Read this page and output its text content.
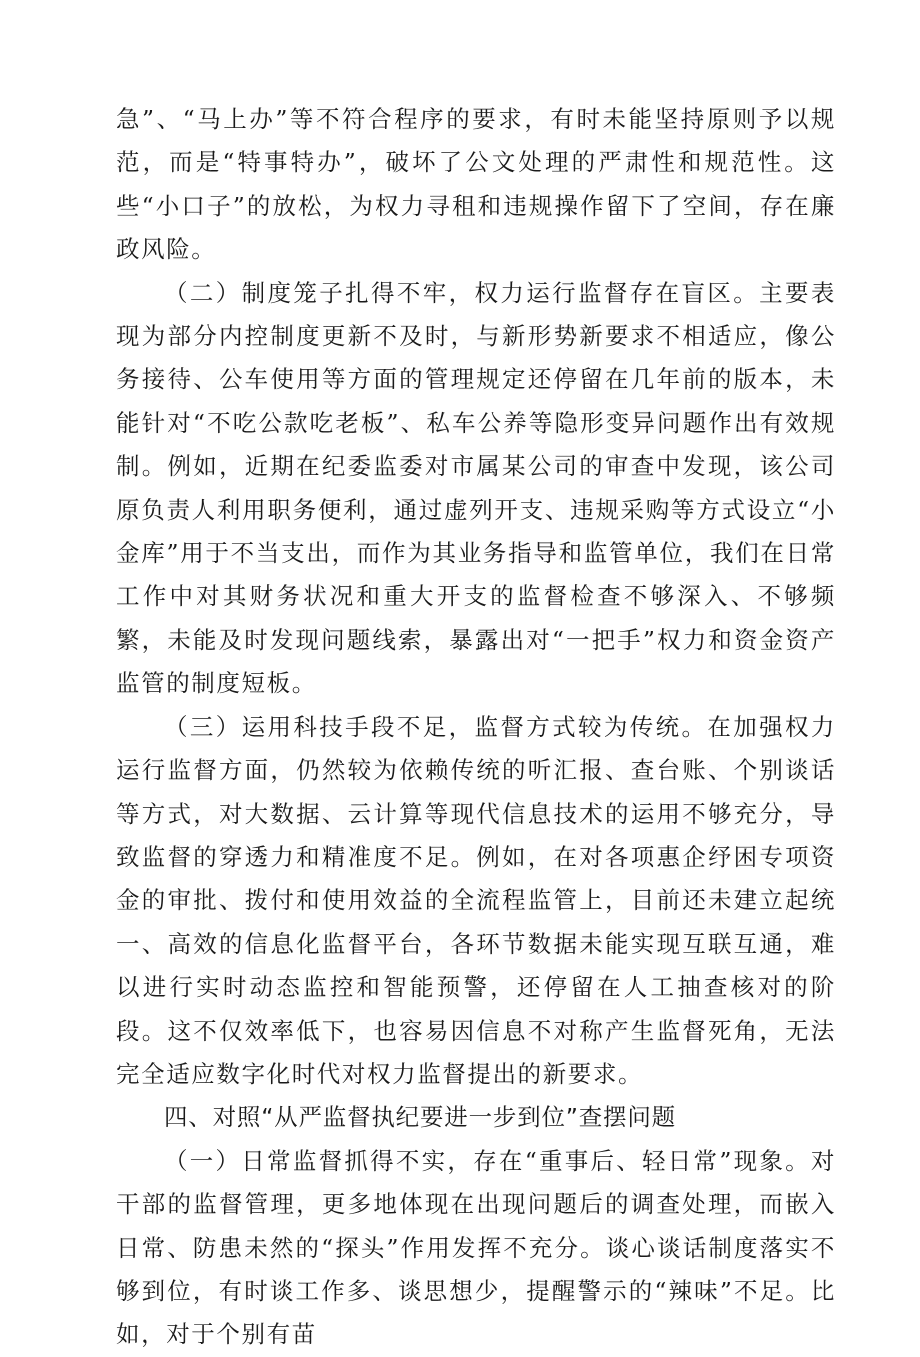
急”、“马上办”等不符合程序的要求，有时未能坚持原则予以规范，而是“特事特办”，破坏了公文处理的严肃性和规范性。这些“小口子”的放松，为权力寻租和违规操作留下了空间，存在廉政风险。

（二）制度笼子扎得不牢，权力运行监督存在盲区。主要表现为部分内控制度更新不及时，与新形势新要求不相适应，像公务接待、公车使用等方面的管理规定还停留在几年前的版本，未能针对“不吃公款吃老板”、私车公养等隐形变异问题作出有效规制。例如，近期在纪委监委对市属某公司的审查中发现，该公司原负责人利用职务便利，通过虚列开支、违规采购等方式设立“小金库”用于不当支出，而作为其业务指导和监管单位，我们在日常工作中对其财务状况和重大开支的监督检查不够深入、不够频繁，未能及时发现问题线索，暴露出对“一把手”权力和资金资产监管的制度短板。

（三）运用科技手段不足，监督方式较为传统。在加强权力运行监督方面，仍然较为依赖传统的听汇报、查台账、个别谈话等方式，对大数据、云计算等现代信息技术的运用不够充分，导致监督的穿透力和精准度不足。例如，在对各项惠企纾困专项资金的审批、拨付和使用效益的全流程监管上，目前还未建立起统一、高效的信息化监督平台，各环节数据未能实现互联互通，难以进行实时动态监控和智能预警，还停留在人工抽查核对的阶段。这不仅效率低下，也容易因信息不对称产生监督死角，无法完全适应数字化时代对权力监督提出的新要求。

四、对照“从严监督执纪要进一步到位”查摆问题

（一）日常监督抓得不实，存在“重事后、轻日常”现象。对干部的监督管理，更多地体现在出现问题后的调查处理，而嵌入日常、防患未然的“探头”作用发挥不充分。谈心谈话制度落实不够到位，有时谈工作多、谈思想少，提醒警示的“辣味”不足。比如，对于个别有苗
